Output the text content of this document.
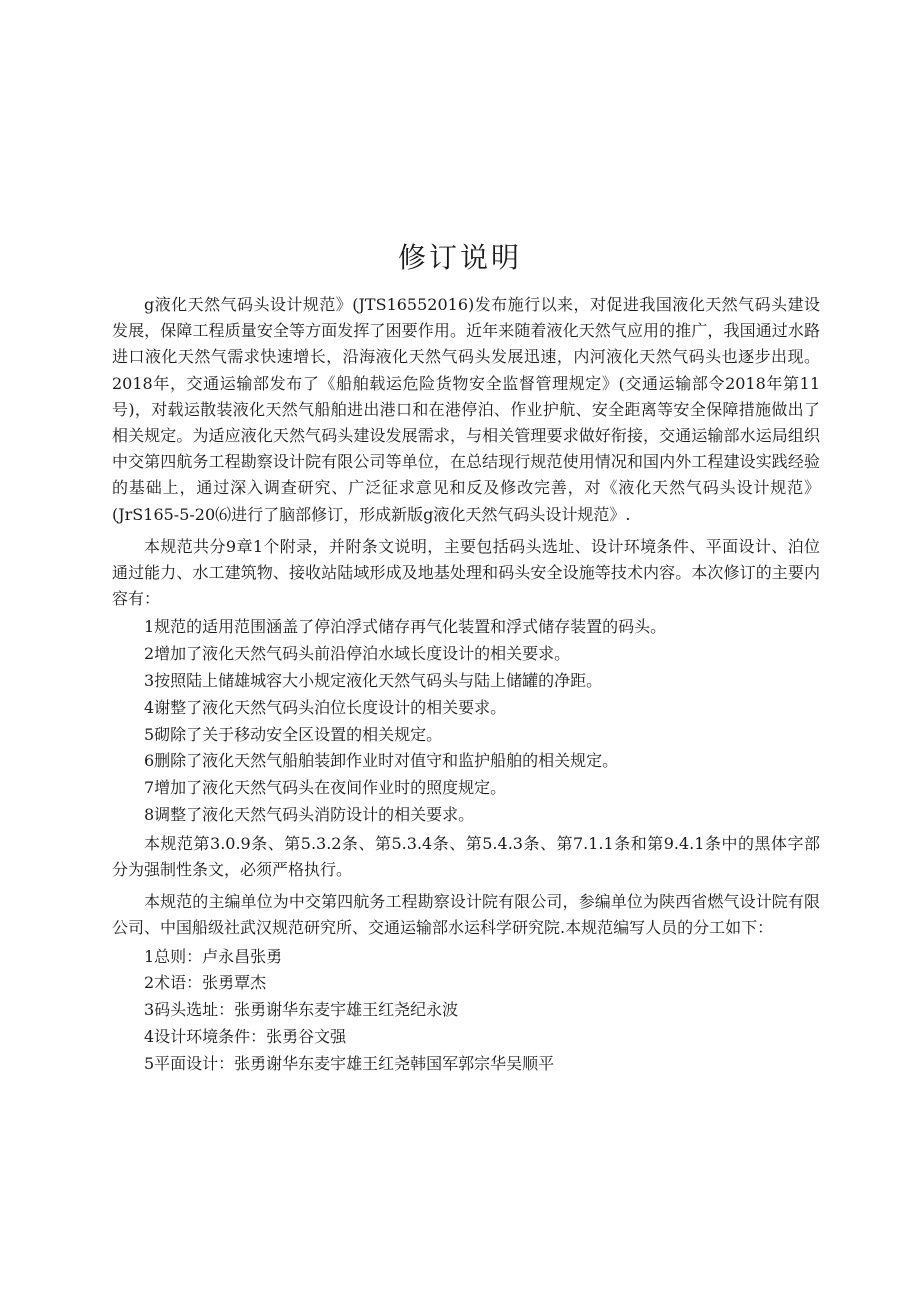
修订说明

g液化天然气码头设计规范》(JTS16552016)发布施行以来，对促进我国液化天然气码头建设发展，保障工程质量安全等方面发挥了困要作用。近年来随着液化天然气应用的推广，我国通过水路进口液化天然气需求快速增长，沿海液化天然气码头发展迅速，内河液化天然气码头也逐步出现。2018年，交通运输部发布了《船舶载运危险货物安全监督管理规定》(交通运输部令2018年第11号)，对载运散装液化天然气船舶进出港口和在港停泊、作业护航、安全距离等安全保障措施做出了相关规定。为适应液化天然气码头建设发展需求，与相关管理要求做好衔接，交通运输部水运局组织中交第四航务工程勘察设计院有限公司等单位，在总结现行规范使用情况和国内外工程建设实践经验的基础上，通过深入调查研究、广泛征求意见和反及修改完善，对《液化天然气码头设计规范》(JrS165-5-20⑹进行了脑部修订，形成新版g液化天然气码头设计规范》.

本规范共分9章1个附录，并附条文说明，主要包括码头选址、设计环境条件、平面设计、泊位通过能力、水工建筑物、接收站陆域形成及地基处理和码头安全设施等技术内容。本次修订的主要内容有：

1规范的适用范围涵盖了停泊浮式储存再气化装置和浮式储存装置的码头。
2增加了液化天然气码头前沿停泊水域长度设计的相关要求。
3按照陆上储雄城容大小规定液化天然气码头与陆上储罐的净距。
4谢整了液化天然气码头泊位长度设计的相关要求。
5砌除了关于移动安全区设置的相关规定。
6删除了液化天然气船舶装卸作业时对值守和监护船舶的相关规定。
7增加了液化天然气码头在夜间作业时的照度规定。
8调整了液化天然气码头消防设计的相关要求。

本规范第3.0.9条、第5.3.2条、第5.3.4条、第5.4.3条、第7.1.1条和第9.4.1条中的黑体字部分为强制性条文，必须严格执行。

本规范的主编单位为中交第四航务工程勘察设计院有限公司，参编单位为陕西省燃气设计院有限公司、中国船级社武汉规范研究所、交通运输部水运科学研究院.本规范编写人员的分工如下：

1总则：卢永昌张勇
2术语：张勇覃杰
3码头选址：张勇谢华东麦宇雄王红尧纪永波
4设计环境条件：张勇谷文强
5平面设计：张勇谢华东麦宇雄王红尧韩国军郭宗华吴顺平
